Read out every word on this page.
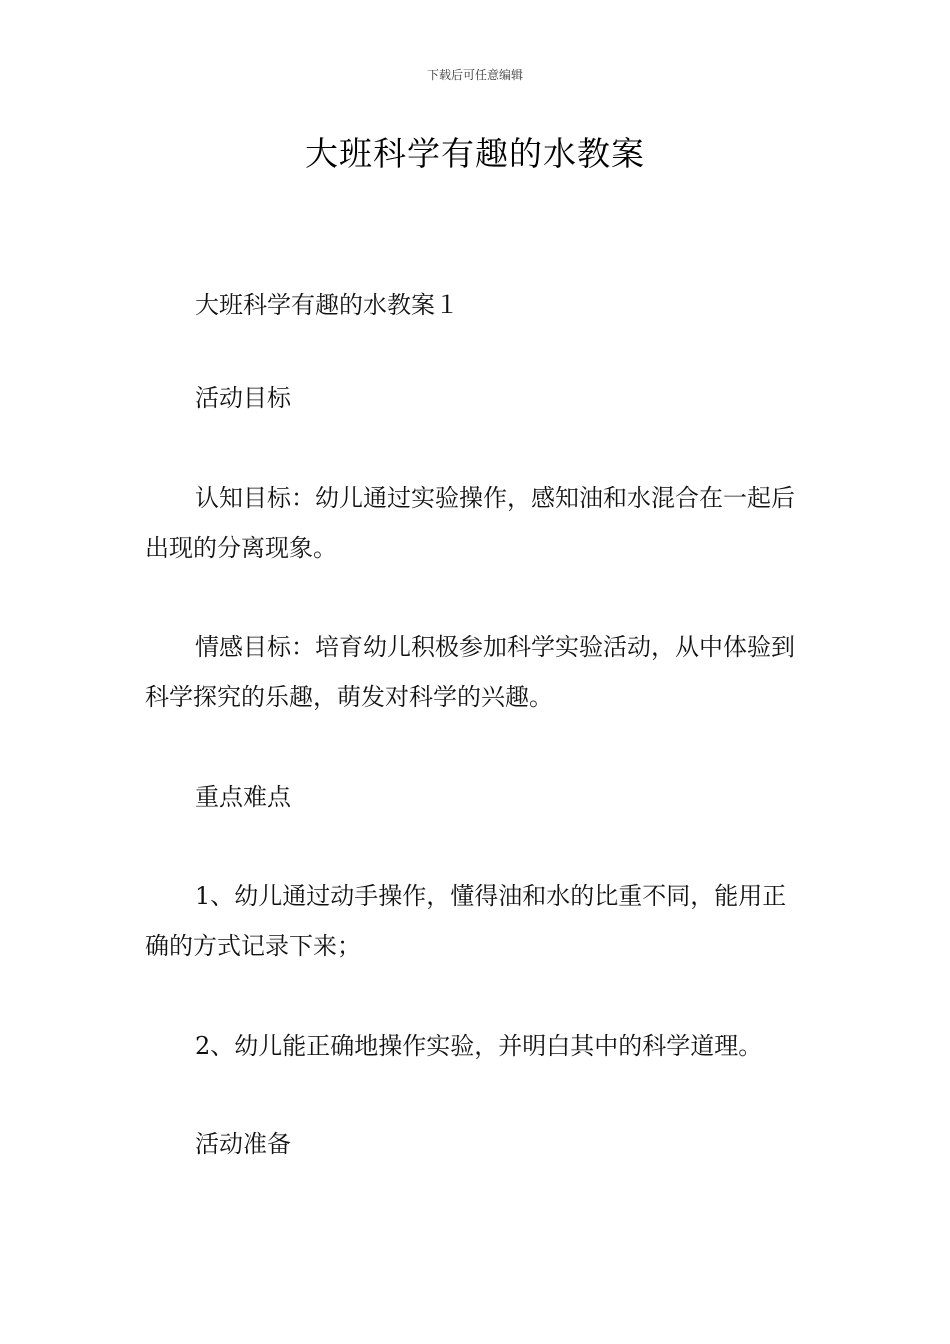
下载后可任意编辑
大班科学有趣的水教案

大班科学有趣的水教案１

活动目标

认知目标：幼儿通过实验操作，感知油和水混合在一起后出现的分离现象。

情感目标：培育幼儿积极参加科学实验活动，从中体验到科学探究的乐趣，萌发对科学的兴趣。

重点难点

1、幼儿通过动手操作，懂得油和水的比重不同，能用正确的方式记录下来；

2、幼儿能正确地操作实验，并明白其中的科学道理。

活动准备
